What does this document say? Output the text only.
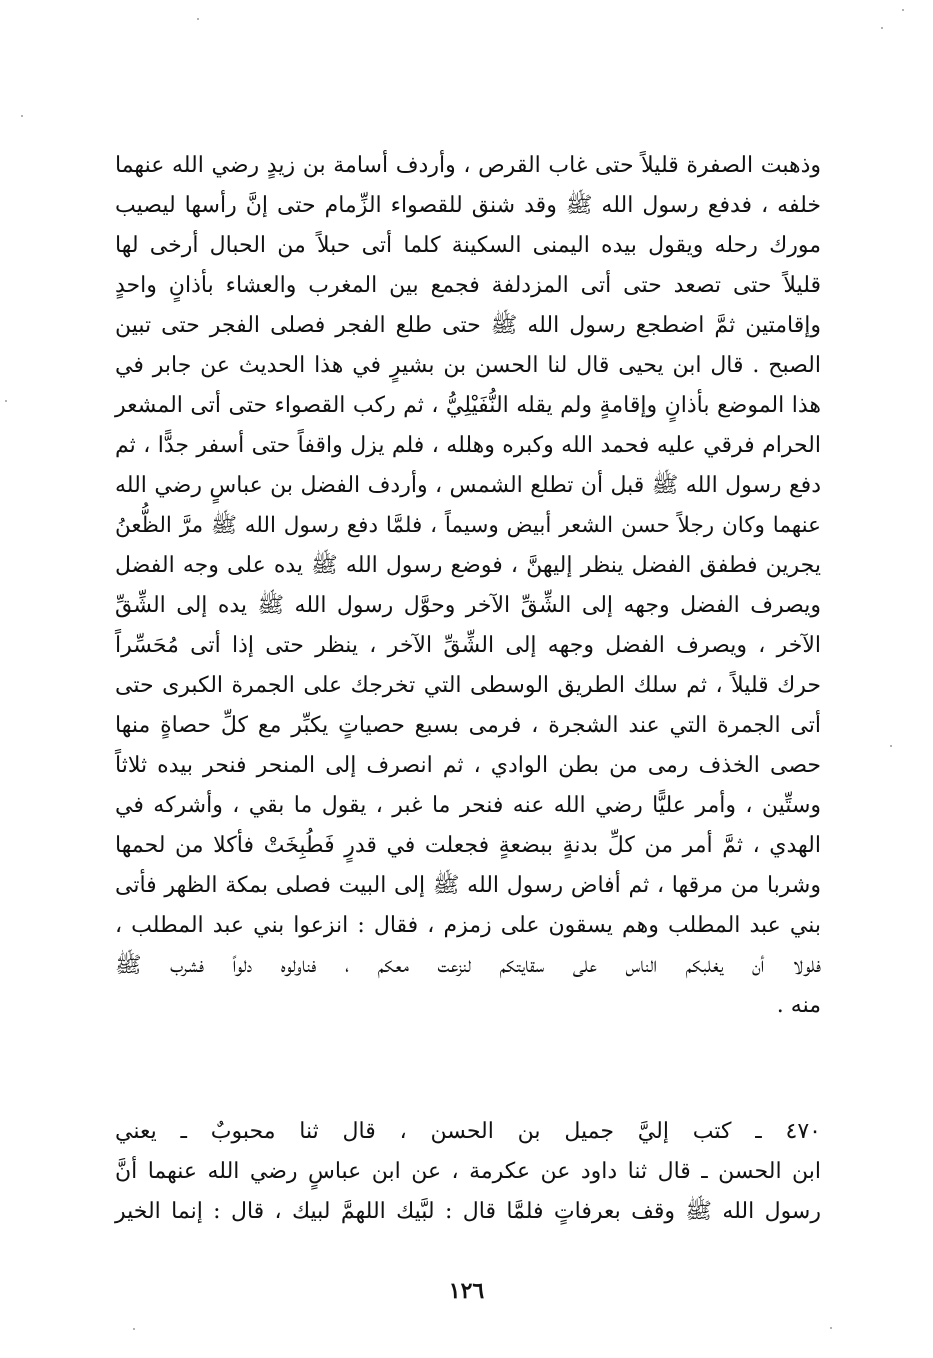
وذهبت الصفرة قليلاً حتى غاب القرص ، وأردف أسامة بن زيدٍ رضي الله عنهما
خلفه ، فدفع رسول الله ﷺ وقد شنق للقصواء الزِّمام حتى إنَّ رأسها ليصيب
مورك رحله ويقول بيده اليمنى السكينة كلما أتى حبلاً من الحبال أرخى لها
قليلاً حتى تصعد حتى أتى المزدلفة فجمع بين المغرب والعشاء بأذانٍ واحدٍ
وإقامتين ثمَّ اضطجع رسول الله ﷺ حتى طلع الفجر فصلى الفجر حتى تبين
الصبح . قال ابن يحيى قال لنا الحسن بن بشيرٍ في هذا الحديث عن جابر في
هذا الموضع بأذانٍ وإقامةٍ ولم يقله النُّفَيْلِيُّ ، ثم ركب القصواء حتى أتى المشعر
الحرام فرقي عليه فحمد الله وكبره وهلله ، فلم يزل واقفاً حتى أسفر جدًّا ، ثم
دفع رسول الله ﷺ قبل أن تطلع الشمس ، وأردف الفضل بن عباسٍ رضي الله
عنهما وكان رجلاً حسن الشعر أبيض وسيماً ، فلمَّا دفع رسول الله ﷺ مرَّ الظُّعنُ
يجرين فطفق الفضل ينظر إليهنَّ ، فوضع رسول الله ﷺ يده على وجه الفضل
ويصرف الفضل وجهه إلى الشِّقِّ الآخر وحوَّل رسول الله ﷺ يده إلى الشِّقِّ
الآخر ، ويصرف الفضل وجهه إلى الشِّقِّ الآخر ، ينظر حتى إذا أتى مُحَسِّراً
حرك قليلاً ، ثم سلك الطريق الوسطى التي تخرجك على الجمرة الكبرى حتى
أتى الجمرة التي عند الشجرة ، فرمى بسبع حصياتٍ يكبِّر مع كلِّ حصاةٍ منها
حصى الخذف رمى من بطن الوادي ، ثم انصرف إلى المنحر فنحر بيده ثلاثاً
وستِّين ، وأمر عليًّا رضي الله عنه فنحر ما غبر ، يقول ما بقي ، وأشركه في
الهدي ، ثمَّ أمر من كلِّ بدنةٍ ببضعةٍ فجعلت في قدرٍ فَطُبِخَتْ فأكلا من لحمها
وشربا من مرقها ، ثم أفاض رسول الله ﷺ إلى البيت فصلى بمكة الظهر فأتى
بني عبد المطلب وهم يسقون على زمزم ، فقال : انزعوا بني عبد المطلب ،
فلولا أن يغلبكم الناس على سقايتكم لنزعت معكم ، فناولوه دلواً فشرب ﷺ
منه .
٤٧٠ ـ كتب إليَّ جميل بن الحسن ، قال ثنا محبوبٌ ـ يعني
ابن الحسن ـ قال ثنا داود عن عكرمة ، عن ابن عباسٍ رضي الله عنهما أنَّ
رسول الله ﷺ وقف بعرفاتٍ فلمَّا قال : لبَّيك اللهمَّ لبيك ، قال : إنما الخير
١٢٦
